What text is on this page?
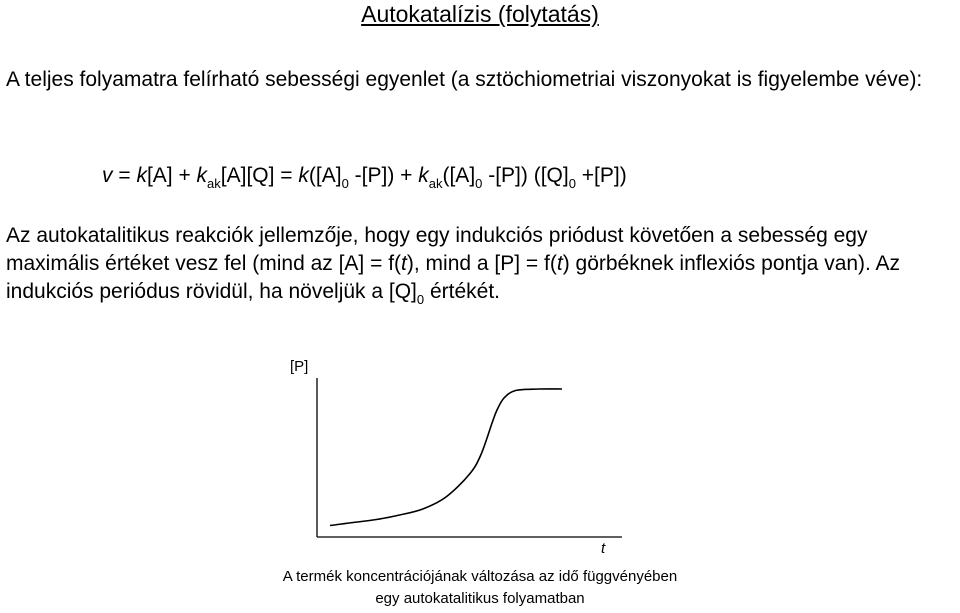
Autokatalízis (folytatás)
A teljes folyamatra felírható sebességi egyenlet (a sztöchiometriai viszonyokat is figyelembe véve):
$v = k[A] + k_{ak}[A][Q] = k([A]_0$ $-[P]) + k_{ak}([A]_0$ -[P]) $([Q]_0 +[P])$
Az autokatalitikus reakciók jellemzője, hogy egy indukciós priódust követően a sebesség egy maximális értéket vesz fel (mind az [A] = f(t), mind a [P] = f(t) görbéknek inflexiós pontja van). Az indukciós periódus rövidül, ha növeljük a $[Q]_0$ értékét.
[P]
t
A termék koncentrációjának változása az idő függvényében
egy autokatalitikus folyamatban
